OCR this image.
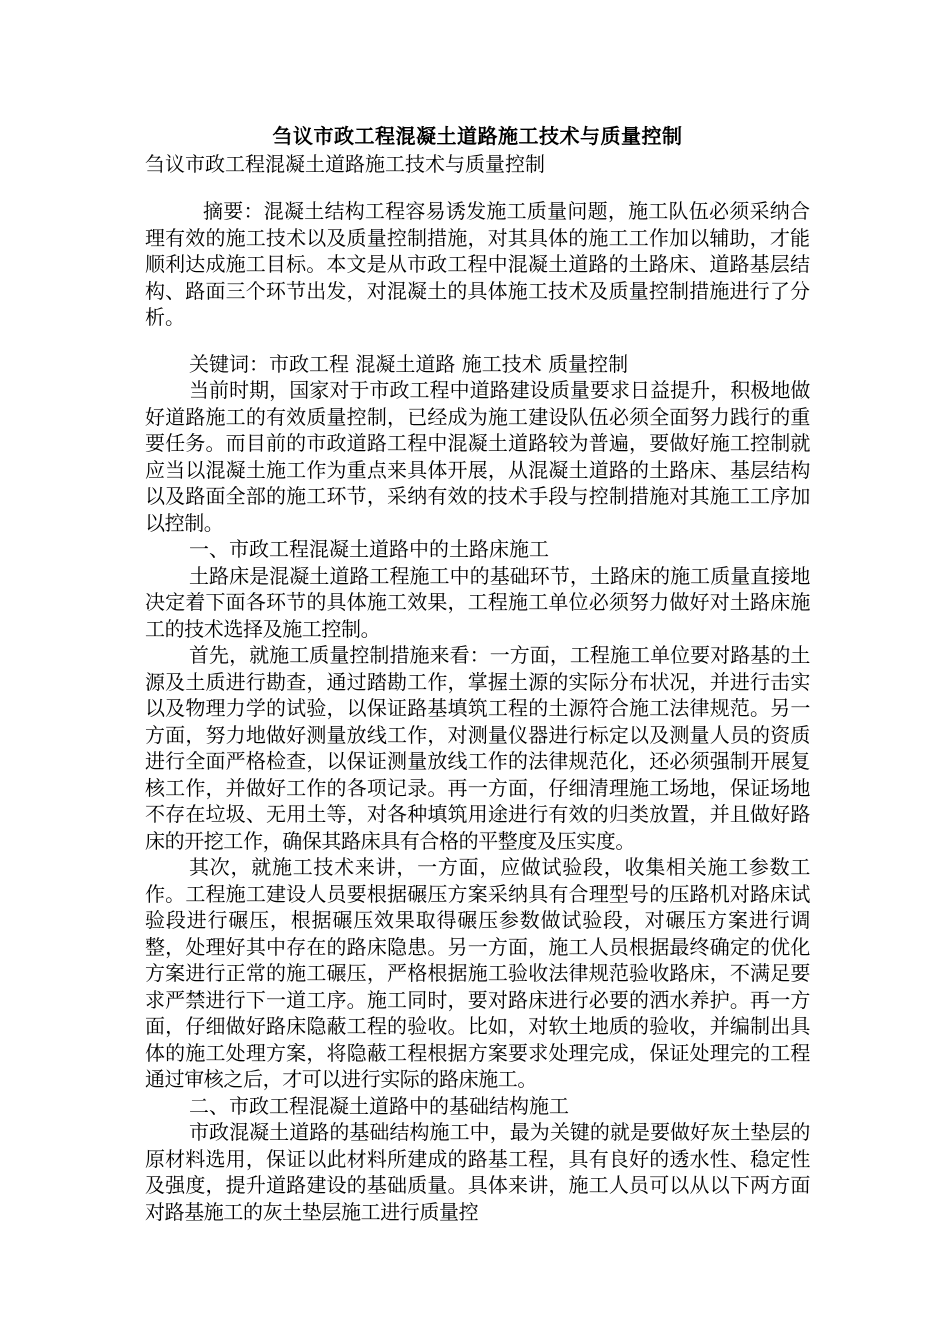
刍议市政工程混凝土道路施工技术与质量控制

刍议市政工程混凝土道路施工技术与质量控制

摘要：混凝土结构工程容易诱发施工质量问题，施工队伍必须采纳合理有效的施工技术以及质量控制措施，对其具体的施工工作加以辅助，才能顺利达成施工目标。本文是从市政工程中混凝土道路的土路床、道路基层结构、路面三个环节出发，对混凝土的具体施工技术及质量控制措施进行了分析。

关键词：市政工程 混凝土道路 施工技术 质量控制

当前时期，国家对于市政工程中道路建设质量要求日益提升，积极地做好道路施工的有效质量控制，已经成为施工建设队伍必须全面努力践行的重要任务。而目前的市政道路工程中混凝土道路较为普遍，要做好施工控制就应当以混凝土施工作为重点来具体开展，从混凝土道路的土路床、基层结构以及路面全部的施工环节，采纳有效的技术手段与控制措施对其施工工序加以控制。

一、市政工程混凝土道路中的土路床施工

土路床是混凝土道路工程施工中的基础环节，土路床的施工质量直接地决定着下面各环节的具体施工效果，工程施工单位必须努力做好对土路床施工的技术选择及施工控制。

首先，就施工质量控制措施来看：一方面，工程施工单位要对路基的土源及土质进行勘查，通过踏勘工作，掌握土源的实际分布状况，并进行击实以及物理力学的试验，以保证路基填筑工程的土源符合施工法律规范。另一方面，努力地做好测量放线工作，对测量仪器进行标定以及测量人员的资质进行全面严格检查，以保证测量放线工作的法律规范化，还必须强制开展复核工作，并做好工作的各项记录。再一方面，仔细清理施工场地，保证场地不存在垃圾、无用土等，对各种填筑用途进行有效的归类放置，并且做好路床的开挖工作，确保其路床具有合格的平整度及压实度。

其次，就施工技术来讲，一方面，应做试验段，收集相关施工参数工作。工程施工建设人员要根据碾压方案采纳具有合理型号的压路机对路床试验段进行碾压，根据碾压效果取得碾压参数做试验段，对碾压方案进行调整，处理好其中存在的路床隐患。另一方面，施工人员根据最终确定的优化方案进行正常的施工碾压，严格根据施工验收法律规范验收路床，不满足要求严禁进行下一道工序。施工同时，要对路床进行必要的洒水养护。再一方面，仔细做好路床隐蔽工程的验收。比如，对软土地质的验收，并编制出具体的施工处理方案，将隐蔽工程根据方案要求处理完成，保证处理完的工程通过审核之后，才可以进行实际的路床施工。

二、市政工程混凝土道路中的基础结构施工

市政混凝土道路的基础结构施工中，最为关键的就是要做好灰土垫层的原材料选用，保证以此材料所建成的路基工程，具有良好的透水性、稳定性及强度，提升道路建设的基础质量。具体来讲，施工人员可以从以下两方面对路基施工的灰土垫层施工进行质量控
